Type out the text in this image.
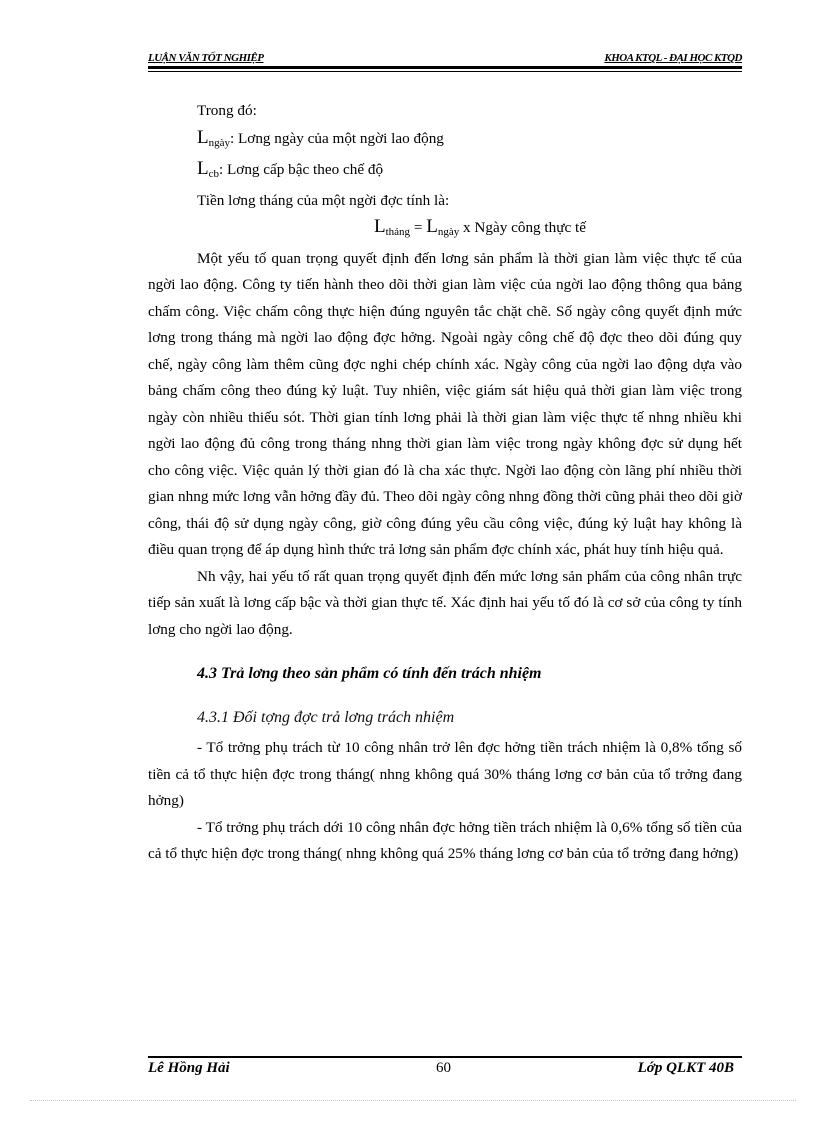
LUẬN VĂN TỐT NGHIỆP	KHOA KTQL - ĐẠI HỌC KTQD

Trong đó:

$L_{ngày}$: Lơng ngày của một ngời lao động

$L_{cb}$: Lơng cấp bậc theo chế độ

Tiền lơng tháng của một ngời đợc tính là:

$L_{tháng} = L_{ngày}$ x Ngày công thực tế

Một yếu tố quan trọng quyết định đến lơng sản phẩm là thời gian làm việc thực tế của ngời lao động. Công ty tiến hành theo dõi thời gian làm việc của ngời lao động thông qua bảng chấm công. Việc chấm công thực hiện đúng nguyên tắc chặt chẽ. Số ngày công quyết định mức lơng trong tháng mà ngời lao động đợc hởng. Ngoài ngày công chế độ đợc theo dõi đúng quy chế, ngày công làm thêm cũng đợc nghi chép chính xác. Ngày công của ngời lao động dựa vào bảng chấm công theo đúng kỷ luật. Tuy nhiên, việc giám sát hiệu quả thời gian làm việc trong ngày còn nhiều thiếu sót. Thời gian tính lơng phải là thời gian làm việc thực tế nhng nhiều khi ngời lao động đủ công trong tháng nhng thời gian làm việc trong ngày không đợc sử dụng hết cho công việc. Việc quản lý thời gian đó là cha xác thực. Ngời lao động còn lãng phí nhiều thời gian nhng mức lơng vẫn hởng đầy đủ. Theo dõi ngày công nhng đồng thời cũng phải theo dõi giờ công, thái độ sử dụng ngày công, giờ công đúng yêu cầu công việc, đúng kỷ luật hay không là điều quan trọng để áp dụng hình thức trả lơng sản phẩm đợc chính xác, phát huy tính hiệu quả.

Nh vậy, hai yếu tố rất quan trọng quyết định đến mức lơng sản phẩm của công nhân trực tiếp sản xuất là lơng cấp bậc và thời gian thực tế. Xác định hai yếu tố đó là cơ sở của công ty tính lơng cho ngời lao động.

4.3 Trả lơng theo sản phẩm có tính đến trách nhiệm

4.3.1 Đối tợng đợc trả lơng trách nhiệm

- Tổ trởng phụ trách từ 10 công nhân trở lên đợc hởng tiền trách nhiệm là 0,8% tổng số tiền cả tổ thực hiện đợc trong tháng( nhng không quá 30% tháng lơng cơ bản của tổ trởng đang hởng)

- Tổ trởng phụ trách dới 10 công nhân đợc hởng tiền trách nhiệm là 0,6% tổng số tiền của cả tổ thực hiện đợc trong tháng( nhng không quá 25% tháng lơng cơ bản của tổ trởng đang hởng)

Lê Hồng Hải	60	Lớp QLKT 40B
